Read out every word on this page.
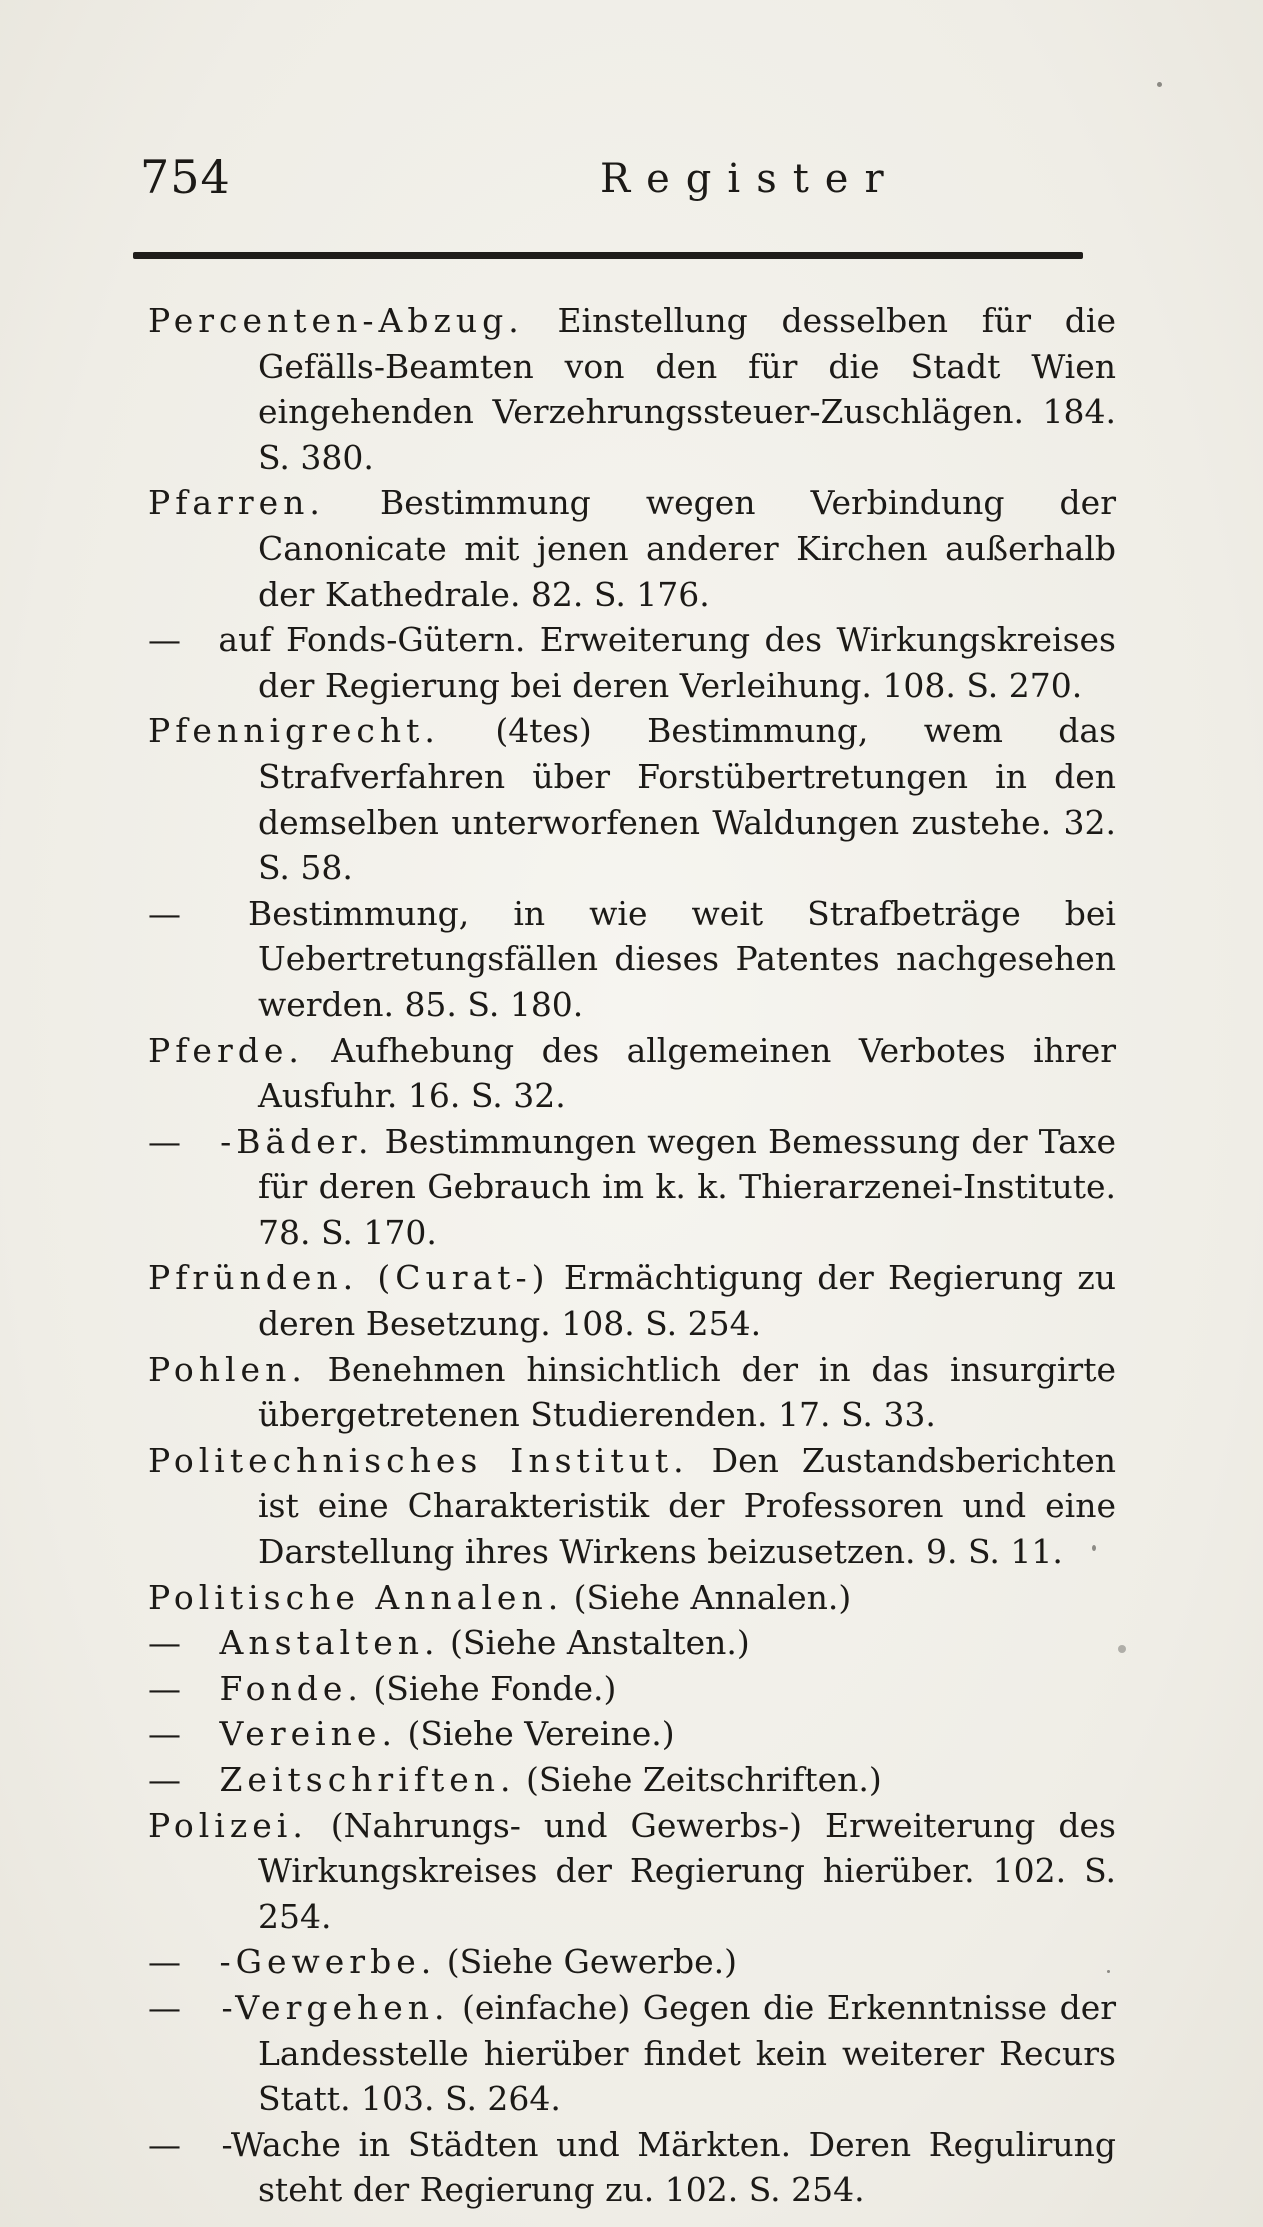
754	Register

Percenten-Abzug. Einstellung desselben für die Gefälls-Beamten von den für die Stadt Wien eingehenden Verzehrungssteuer-Zuschlägen. 184. S. 380.

Pfarren. Bestimmung wegen Verbindung der Canonicate mit jenen anderer Kirchen außerhalb der Kathedrale. 82. S. 176.

— auf Fonds-Gütern. Erweiterung des Wirkungskreises der Regierung bei deren Verleihung. 108. S. 270.

Pfennigrecht. (4tes) Bestimmung, wem das Strafverfahren über Forstübertretungen in den demselben unterworfenen Waldungen zustehe. 32. S. 58.

— Bestimmung, in wie weit Strafbeträge bei Uebertretungsfällen dieses Patentes nachgesehen werden. 85. S. 180.

Pferde. Aufhebung des allgemeinen Verbotes ihrer Ausfuhr. 16. S. 32.

— -Bäder. Bestimmungen wegen Bemessung der Taxe für deren Gebrauch im k. k. Thierarzenei-Institute. 78. S. 170.

Pfründen. (Curat-) Ermächtigung der Regierung zu deren Besetzung. 108. S. 254.

Pohlen. Benehmen hinsichtlich der in das insurgirte übergetretenen Studierenden. 17. S. 33.

Politechnisches Institut. Den Zustandsberichten ist eine Charakteristik der Professoren und eine Darstellung ihres Wirkens beizusetzen. 9. S. 11.

Politische Annalen. (Siehe Annalen.)

— Anstalten. (Siehe Anstalten.)

— Fonde. (Siehe Fonde.)

— Vereine. (Siehe Vereine.)

— Zeitschriften. (Siehe Zeitschriften.)

Polizei. (Nahrungs- und Gewerbs-) Erweiterung des Wirkungskreises der Regierung hierüber. 102. S. 254.

— -Gewerbe. (Siehe Gewerbe.)

— -Vergehen. (einfache) Gegen die Erkenntnisse der Landesstelle hierüber findet kein weiterer Recurs Statt. 103. S. 264.

— -Wache in Städten und Märkten. Deren Regulirung steht der Regierung zu. 102. S. 254.
